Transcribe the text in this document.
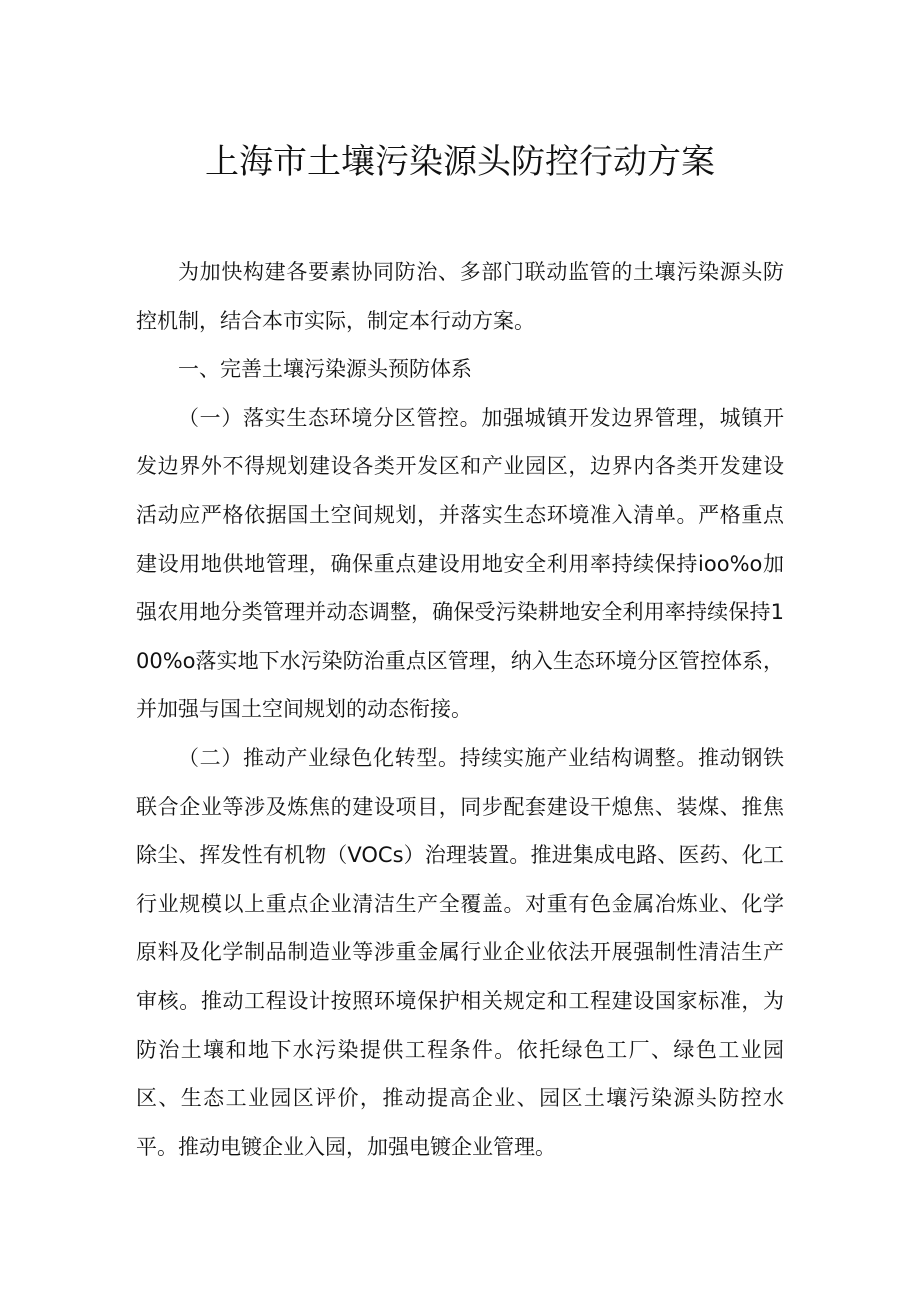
上海市土壤污染源头防控行动方案

为加快构建各要素协同防治、多部门联动监管的土壤污染源头防控机制，结合本市实际，制定本行动方案。

一、完善土壤污染源头预防体系

（一）落实生态环境分区管控。加强城镇开发边界管理，城镇开发边界外不得规划建设各类开发区和产业园区，边界内各类开发建设活动应严格依据国土空间规划，并落实生态环境准入清单。严格重点建设用地供地管理，确保重点建设用地安全利用率持续保持ioo%o加强农用地分类管理并动态调整，确保受污染耕地安全利用率持续保持100%o落实地下水污染防治重点区管理，纳入生态环境分区管控体系，并加强与国土空间规划的动态衔接。

（二）推动产业绿色化转型。持续实施产业结构调整。推动钢铁联合企业等涉及炼焦的建设项目，同步配套建设干熄焦、装煤、推焦除尘、挥发性有机物（VOCs）治理装置。推进集成电路、医药、化工行业规模以上重点企业清洁生产全覆盖。对重有色金属冶炼业、化学原料及化学制品制造业等涉重金属行业企业依法开展强制性清洁生产审核。推动工程设计按照环境保护相关规定和工程建设国家标准，为防治土壤和地下水污染提供工程条件。依托绿色工厂、绿色工业园区、生态工业园区评价，推动提高企业、园区土壤污染源头防控水平。推动电镀企业入园，加强电镀企业管理。
